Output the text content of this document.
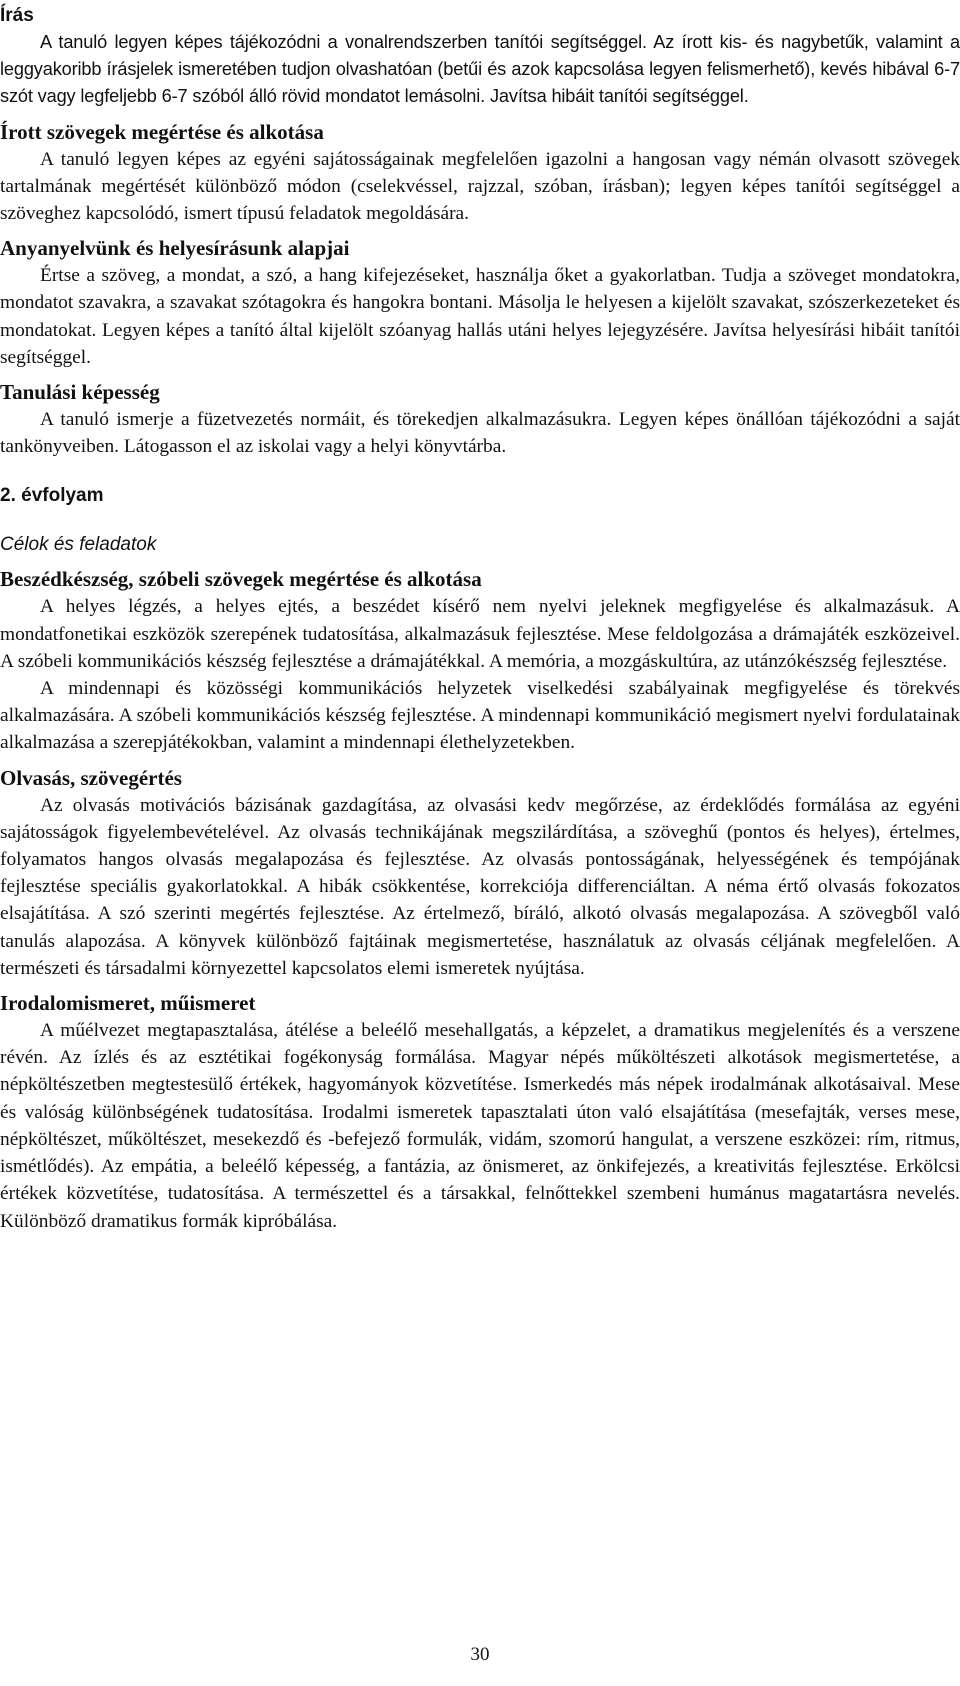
Írás

A tanuló legyen képes tájékozódni a vonalrendszerben tanítói segítséggel. Az írott kis- és nagybetűk, valamint a leggyakoribb írásjelek ismeretében tudjon olvashatóan (betűi és azok kapcsolása legyen felismerhető), kevés hibával 6-7 szót vagy legfeljebb 6-7 szóból álló rövid mondatot lemásolni. Javítsa hibáit tanítói segítséggel.

Írott szövegek megértése és alkotása

A tanuló legyen képes az egyéni sajátosságainak megfelelően igazolni a hangosan vagy némán olvasott szövegek tartalmának megértését különböző módon (cselekvéssel, rajzzal, szóban, írásban); legyen képes tanítói segítséggel a szöveghez kapcsolódó, ismert típusú feladatok megoldására.

Anyanyelvünk és helyesírásunk alapjai

Értse a szöveg, a mondat, a szó, a hang kifejezéseket, használja őket a gyakorlatban. Tudja a szöveget mondatokra, mondatot szavakra, a szavakat szótagokra és hangokra bontani. Másolja le helyesen a kijelölt szavakat, szószerkezeteket és mondatokat. Legyen képes a tanító által kijelölt szóanyag hallás utáni helyes lejegyzésére. Javítsa helyesírási hibáit tanítói segítséggel.

Tanulási képesség

A tanuló ismerje a füzetvezetés normáit, és törekedjen alkalmazásukra. Legyen képes önállóan tájékozódni a saját tankönyveiben. Látogasson el az iskolai vagy a helyi könyvtárba.

2. évfolyam
Célok és feladatok
Beszédkészség, szóbeli szövegek megértése és alkotása

A helyes légzés, a helyes ejtés, a beszédet kísérő nem nyelvi jeleknek megfigyelése és alkalmazásuk. A mondatfonetikai eszközök szerepének tudatosítása, alkalmazásuk fejlesztése. Mese feldolgozása a drámajáték eszközeivel. A szóbeli kommunikációs készség fejlesztése a drámajátékkal. A memória, a mozgáskultúra, az utánzókészség fejlesztése.

A mindennapi és közösségi kommunikációs helyzetek viselkedési szabályainak megfigyelése és törekvés alkalmazására. A szóbeli kommunikációs készség fejlesztése. A mindennapi kommunikáció megismert nyelvi fordulatainak alkalmazása a szerepjátékokban, valamint a mindennapi élethelyzetekben.

Olvasás, szövegértés

Az olvasás motivációs bázisának gazdagítása, az olvasási kedv megőrzése, az érdeklődés formálása az egyéni sajátosságok figyelembevételével. Az olvasás technikájának megszilárdítása, a szöveghű (pontos és helyes), értelmes, folyamatos hangos olvasás megalapozása és fejlesztése. Az olvasás pontosságának, helyességének és tempójának fejlesztése speciális gyakorlatokkal. A hibák csökkentése, korrekciója differenciáltan. A néma értő olvasás fokozatos elsajátítása. A szó szerinti megértés fejlesztése. Az értelmező, bíráló, alkotó olvasás megalapozása. A szövegből való tanulás alapozása. A könyvek különböző fajtáinak megismertetése, használatuk az olvasás céljának megfelelően. A természeti és társadalmi környezettel kapcsolatos elemi ismeretek nyújtása.

Irodalomismeret, műismeret

A műélvezet megtapasztalása, átélése a beleélő mesehallgatás, a képzelet, a dramatikus megjelenítés és a verszene révén. Az ízlés és az esztétikai fogékonyság formálása. Magyar népés műköltészeti alkotások megismertetése, a népköltészetben megtestesülő értékek, hagyományok közvetítése. Ismerkedés más népek irodalmának alkotásaival. Mese és valóság különbségének tudatosítása. Irodalmi ismeretek tapasztalati úton való elsajátítása (mesefajták, verses mese, népköltészet, műköltészet, mesekezdő és -befejező formulák, vidám, szomorú hangulat, a verszene eszközei: rím, ritmus, ismétlődés). Az empátia, a beleélő képesség, a fantázia, az önismeret, az önkifejezés, a kreativitás fejlesztése. Erkölcsi értékek közvetítése, tudatosítása. A természettel és a társakkal, felnőttekkel szembeni humánus magatartásra nevelés. Különböző dramatikus formák kipróbálása.

30
